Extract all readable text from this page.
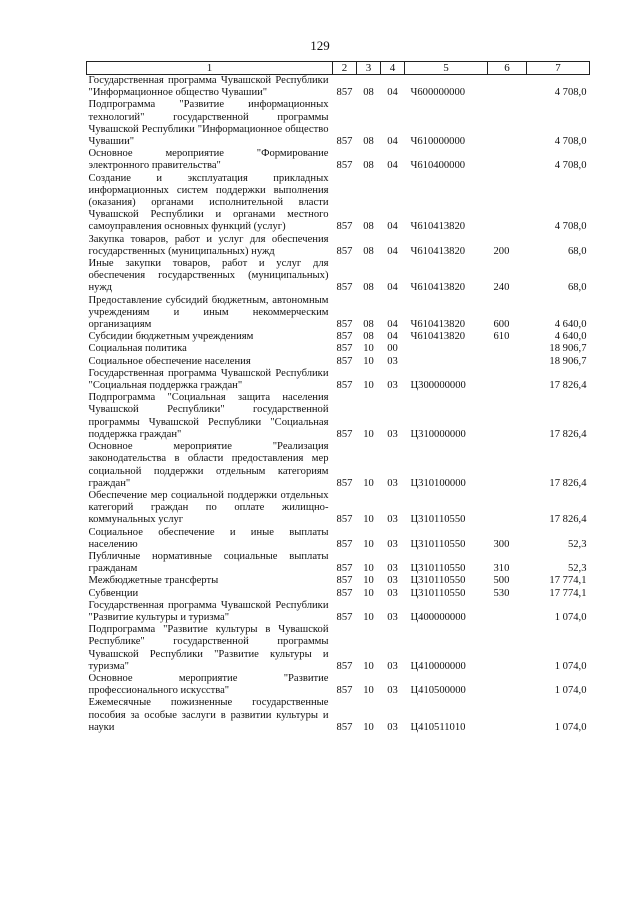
129
1	2	3	4	5	6	7
Государственная программа Чувашской Республики "Информационное общество Чувашии"	857	08	04	Ч600000000		4 708,0
Подпрограмма "Развитие информационных технологий" государственной программы Чувашской Республики "Информационное общество Чувашии"	857	08	04	Ч610000000		4 708,0
Основное мероприятие "Формирование электронного правительства"	857	08	04	Ч610400000		4 708,0
Создание и эксплуатация прикладных информационных систем поддержки выполнения (оказания) органами исполнительной власти Чувашской Республики и органами местного самоуправления основных функций (услуг)	857	08	04	Ч610413820		4 708,0
Закупка товаров, работ и услуг для обеспечения государственных (муниципальных) нужд	857	08	04	Ч610413820	200	68,0
Иные закупки товаров, работ и услуг для обеспечения государственных (муниципальных) нужд	857	08	04	Ч610413820	240	68,0
Предоставление субсидий бюджетным, автономным учреждениям и иным некоммерческим организациям	857	08	04	Ч610413820	600	4 640,0
Субсидии бюджетным учреждениям	857	08	04	Ч610413820	610	4 640,0
Социальная политика	857	10	00			18 906,7
Социальное обеспечение населения	857	10	03			18 906,7
Государственная программа Чувашской Республики "Социальная поддержка граждан"	857	10	03	Ц300000000		17 826,4
Подпрограмма "Социальная защита населения Чувашской Республики" государственной программы Чувашской Республики "Социальная поддержка граждан"	857	10	03	Ц310000000		17 826,4
Основное мероприятие "Реализация законодательства в области предоставления мер социальной поддержки отдельным категориям граждан"	857	10	03	Ц310100000		17 826,4
Обеспечение мер социальной поддержки отдельных категорий граждан по оплате жилищно-коммунальных услуг	857	10	03	Ц310110550		17 826,4
Социальное обеспечение и иные выплаты населению	857	10	03	Ц310110550	300	52,3
Публичные нормативные социальные выплаты гражданам	857	10	03	Ц310110550	310	52,3
Межбюджетные трансферты	857	10	03	Ц310110550	500	17 774,1
Субвенции	857	10	03	Ц310110550	530	17 774,1
Государственная программа Чувашской Республики "Развитие культуры и туризма"	857	10	03	Ц400000000		1 074,0
Подпрограмма "Развитие культуры в Чувашской Республике" государственной программы Чувашской Республики "Развитие культуры и туризма"	857	10	03	Ц410000000		1 074,0
Основное мероприятие "Развитие профессионального искусства"	857	10	03	Ц410500000		1 074,0
Ежемесячные пожизненные государственные пособия за особые заслуги в развитии культуры и науки	857	10	03	Ц410511010		1 074,0
